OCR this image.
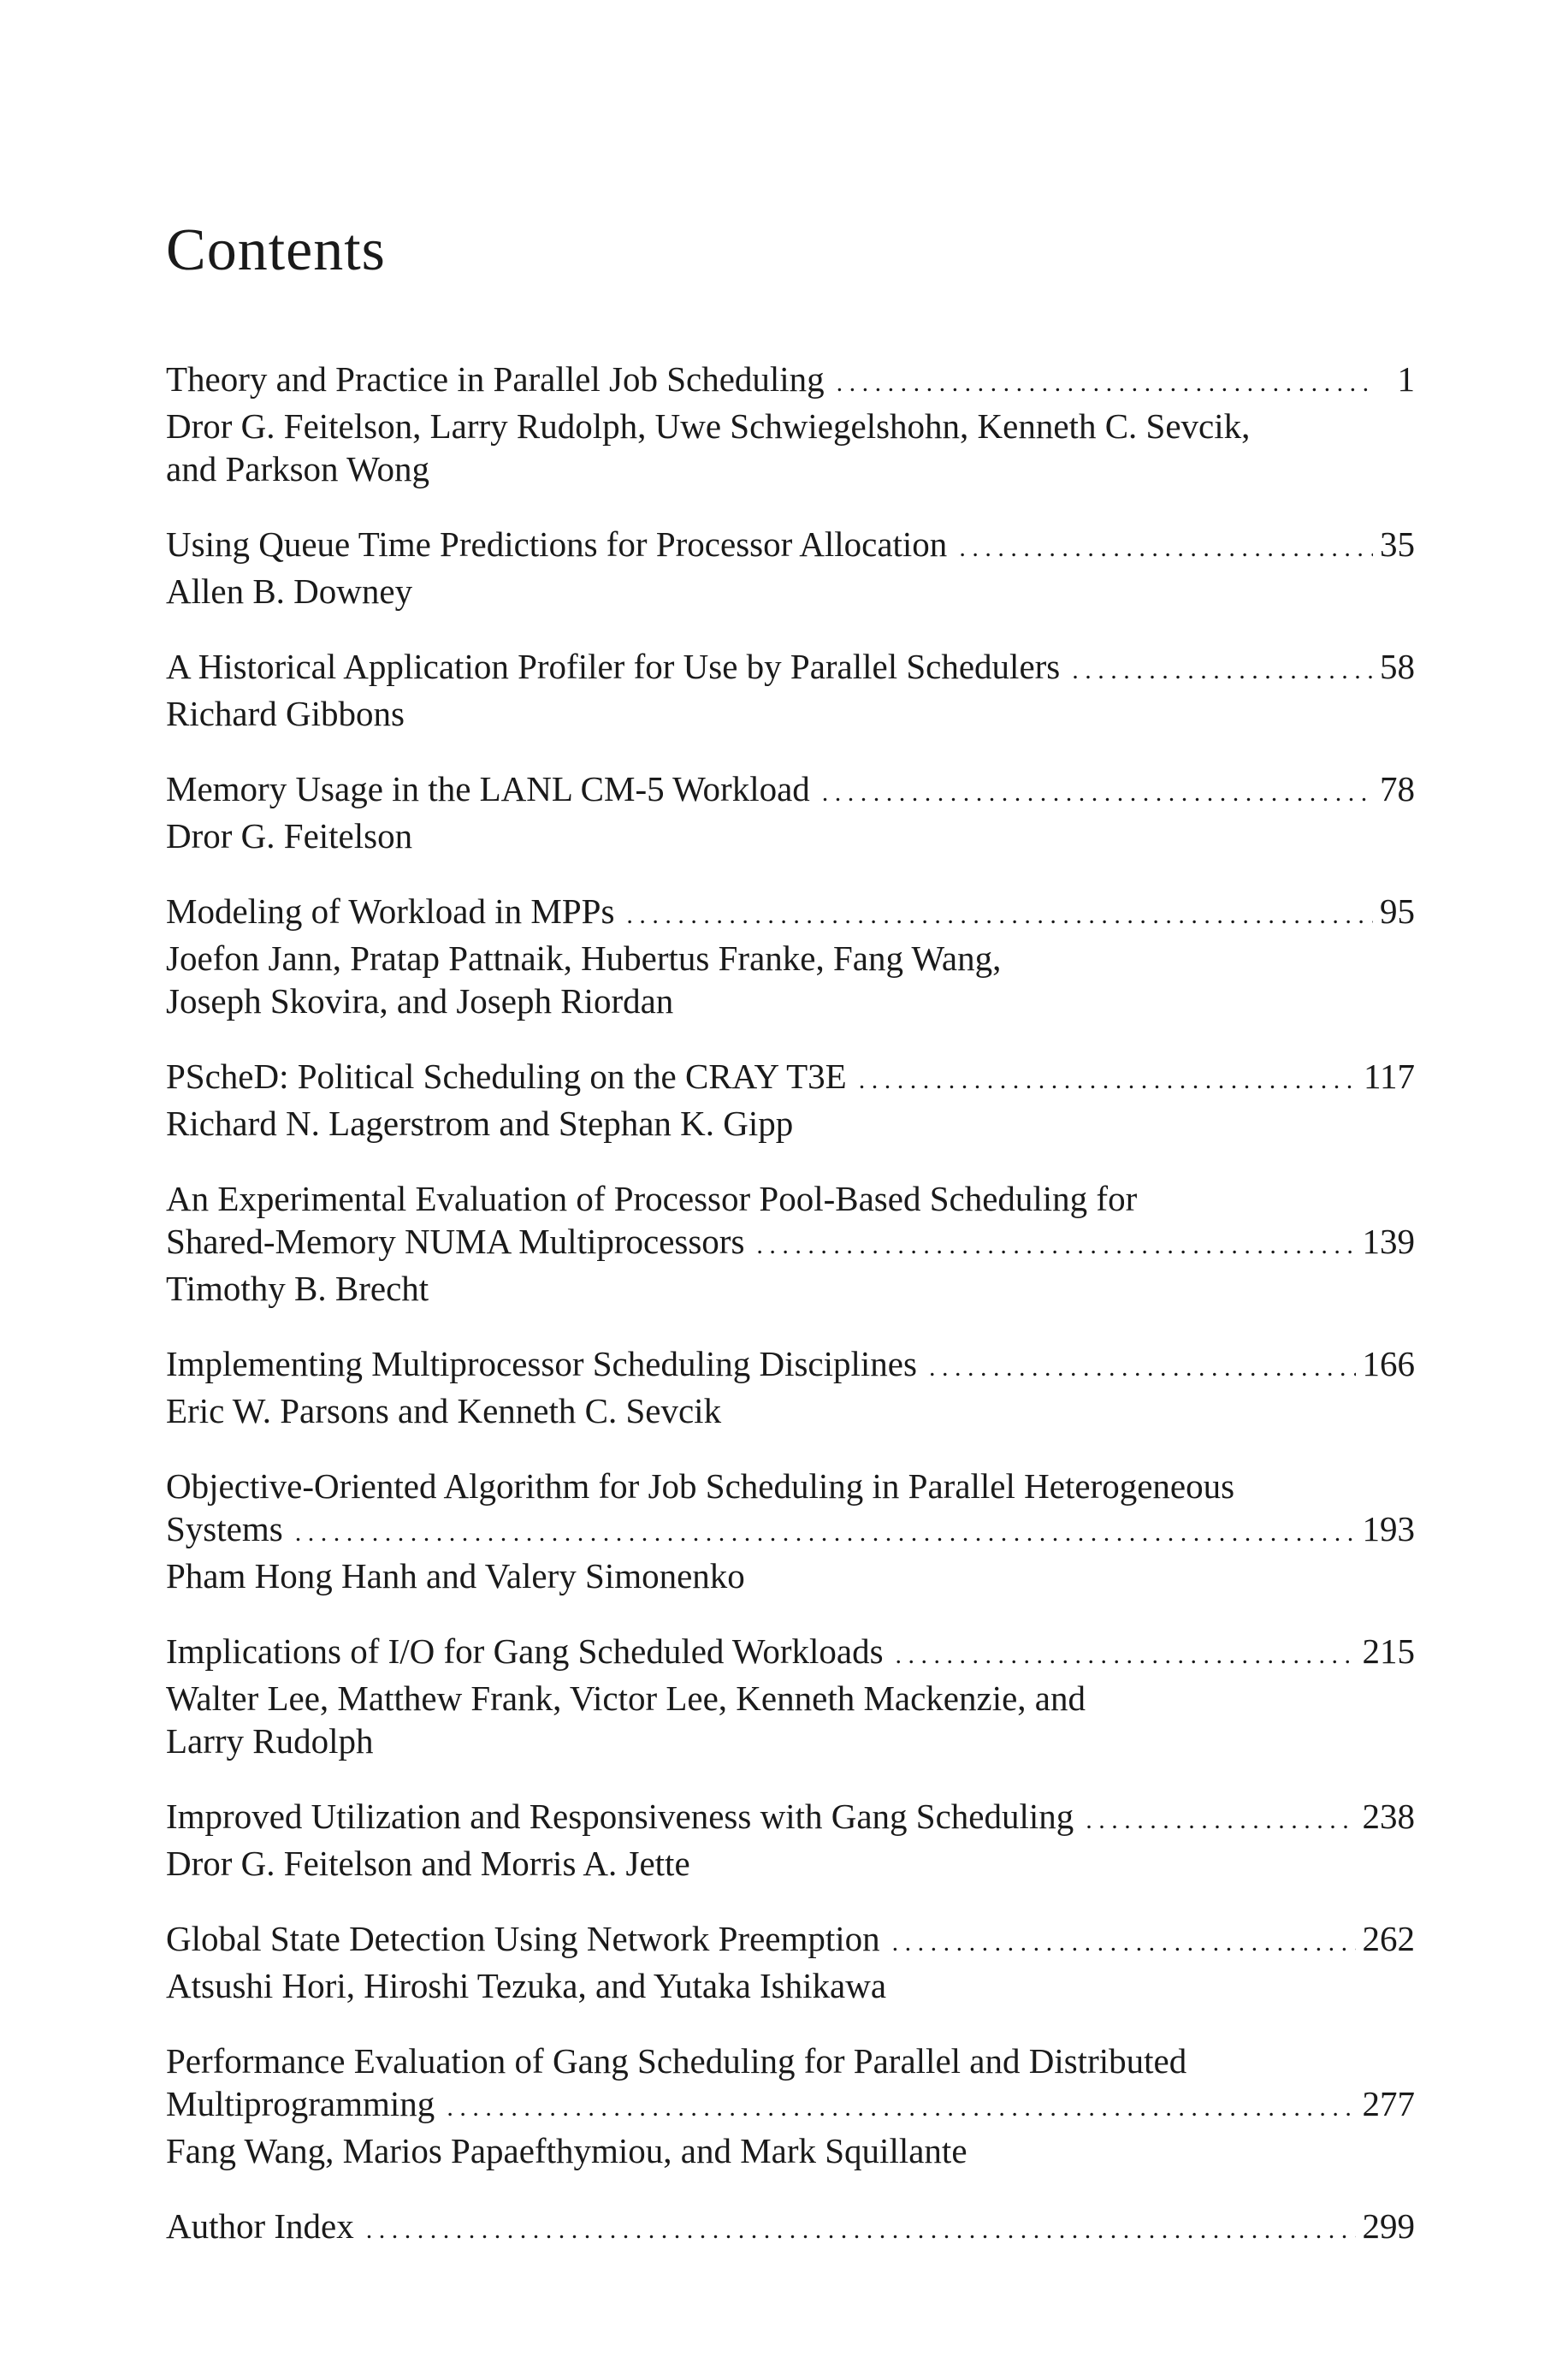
Contents
Theory and Practice in Parallel Job Scheduling . . .	1
Dror G. Feitelson, Larry Rudolph, Uwe Schwiegelshohn, Kenneth C. Sevcik,
and Parkson Wong
Using Queue Time Predictions for Processor Allocation . . .	35
Allen B. Downey
A Historical Application Profiler for Use by Parallel Schedulers . . .	58
Richard Gibbons
Memory Usage in the LANL CM-5 Workload . . .	78
Dror G. Feitelson
Modeling of Workload in MPPs . . .	95
Joefon Jann, Pratap Pattnaik, Hubertus Franke, Fang Wang,
Joseph Skovira, and Joseph Riordan
PScheD: Political Scheduling on the CRAY T3E . . .	117
Richard N. Lagerstrom and Stephan K. Gipp
An Experimental Evaluation of Processor Pool-Based Scheduling for
Shared-Memory NUMA Multiprocessors . . .	139
Timothy B. Brecht
Implementing Multiprocessor Scheduling Disciplines . . .	166
Eric W. Parsons and Kenneth C. Sevcik
Objective-Oriented Algorithm for Job Scheduling in Parallel Heterogeneous
Systems . . .	193
Pham Hong Hanh and Valery Simonenko
Implications of I/O for Gang Scheduled Workloads . . .	215
Walter Lee, Matthew Frank, Victor Lee, Kenneth Mackenzie, and
Larry Rudolph
Improved Utilization and Responsiveness with Gang Scheduling . . .	238
Dror G. Feitelson and Morris A. Jette
Global State Detection Using Network Preemption . . .	262
Atsushi Hori, Hiroshi Tezuka, and Yutaka Ishikawa
Performance Evaluation of Gang Scheduling for Parallel and Distributed
Multiprogramming . . .	277
Fang Wang, Marios Papaefthymiou, and Mark Squillante
Author Index . . .	299
